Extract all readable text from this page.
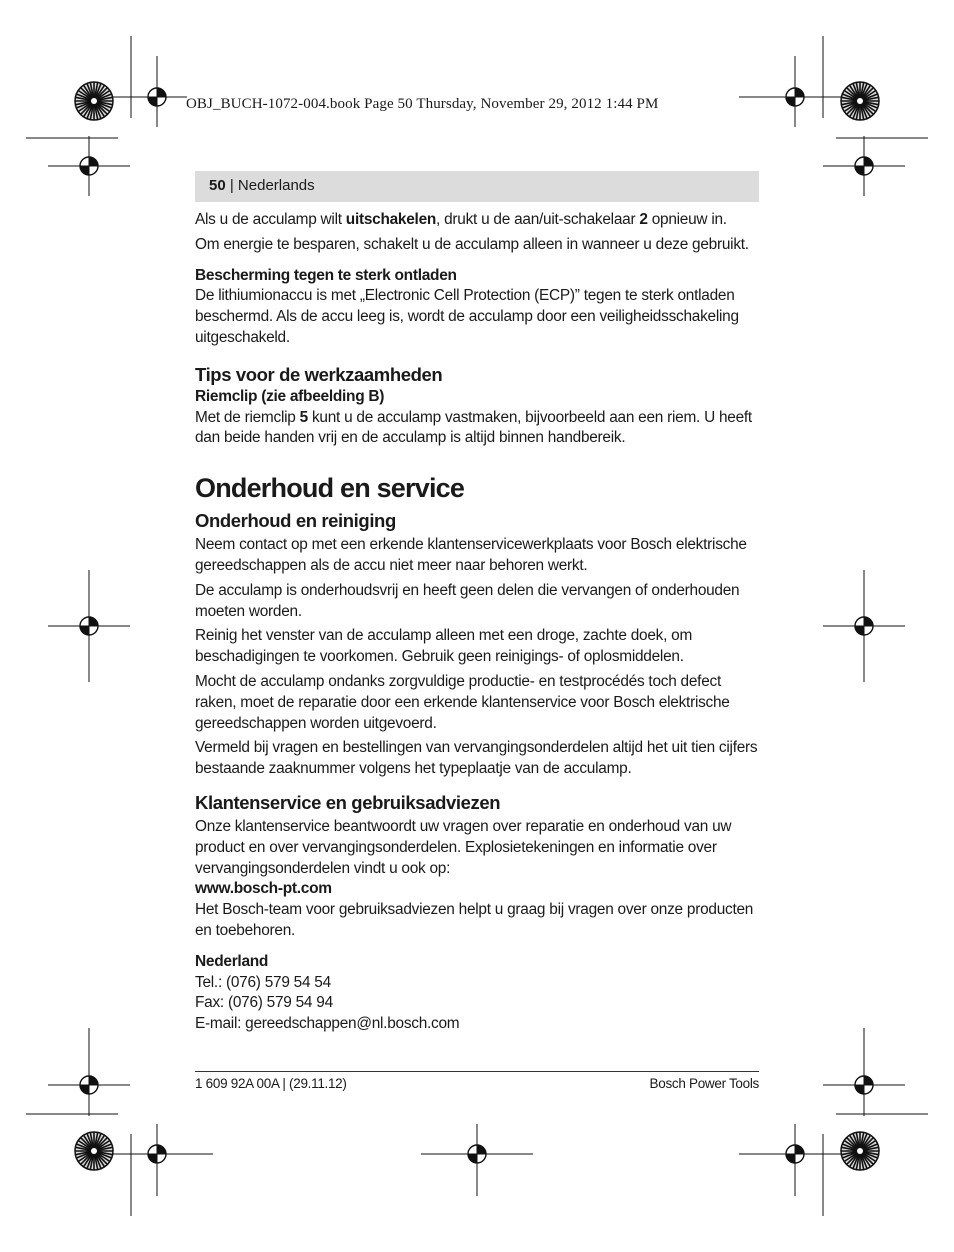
OBJ_BUCH-1072-004.book Page 50 Thursday, November 29, 2012 1:44 PM
50 | Nederlands

Als u de acculamp wilt uitschakelen, drukt u de aan/uit-schakelaar 2 opnieuw in.

Om energie te besparen, schakelt u de acculamp alleen in wanneer u deze gebruikt.

Bescherming tegen te sterk ontladen

De lithiumionaccu is met „Electronic Cell Protection (ECP)” tegen te sterk ontladen beschermd. Als de accu leeg is, wordt de acculamp door een veiligheidsschakeling uitgeschakeld.

Tips voor de werkzaamheden

Riemclip (zie afbeelding B)

Met de riemclip 5 kunt u de acculamp vastmaken, bijvoorbeeld aan een riem. U heeft dan beide handen vrij en de acculamp is altijd binnen handbereik.

Onderhoud en service

Onderhoud en reiniging

Neem contact op met een erkende klantenservicewerkplaats voor Bosch elektrische gereedschappen als de accu niet meer naar behoren werkt.

De acculamp is onderhoudsvrij en heeft geen delen die vervangen of onderhouden moeten worden.

Reinig het venster van de acculamp alleen met een droge, zachte doek, om beschadigingen te voorkomen. Gebruik geen reinigings- of oplosmiddelen.

Mocht de acculamp ondanks zorgvuldige productie- en testprocédés toch defect raken, moet de reparatie door een erkende klantenservice voor Bosch elektrische gereedschappen worden uitgevoerd.

Vermeld bij vragen en bestellingen van vervangingsonderdelen altijd het uit tien cijfers bestaande zaaknummer volgens het typeplaatje van de acculamp.

Klantenservice en gebruiksadviezen

Onze klantenservice beantwoordt uw vragen over reparatie en onderhoud van uw product en over vervangingsonderdelen. Explosietekeningen en informatie over vervangingsonderdelen vindt u ook op:

www.bosch-pt.com

Het Bosch-team voor gebruiksadviezen helpt u graag bij vragen over onze producten en toebehoren.

Nederland

Tel.: (076) 579 54 54

Fax: (076) 579 54 94

E-mail: gereedschappen@nl.bosch.com

1 609 92A 00A | (29.11.12)	Bosch Power Tools
